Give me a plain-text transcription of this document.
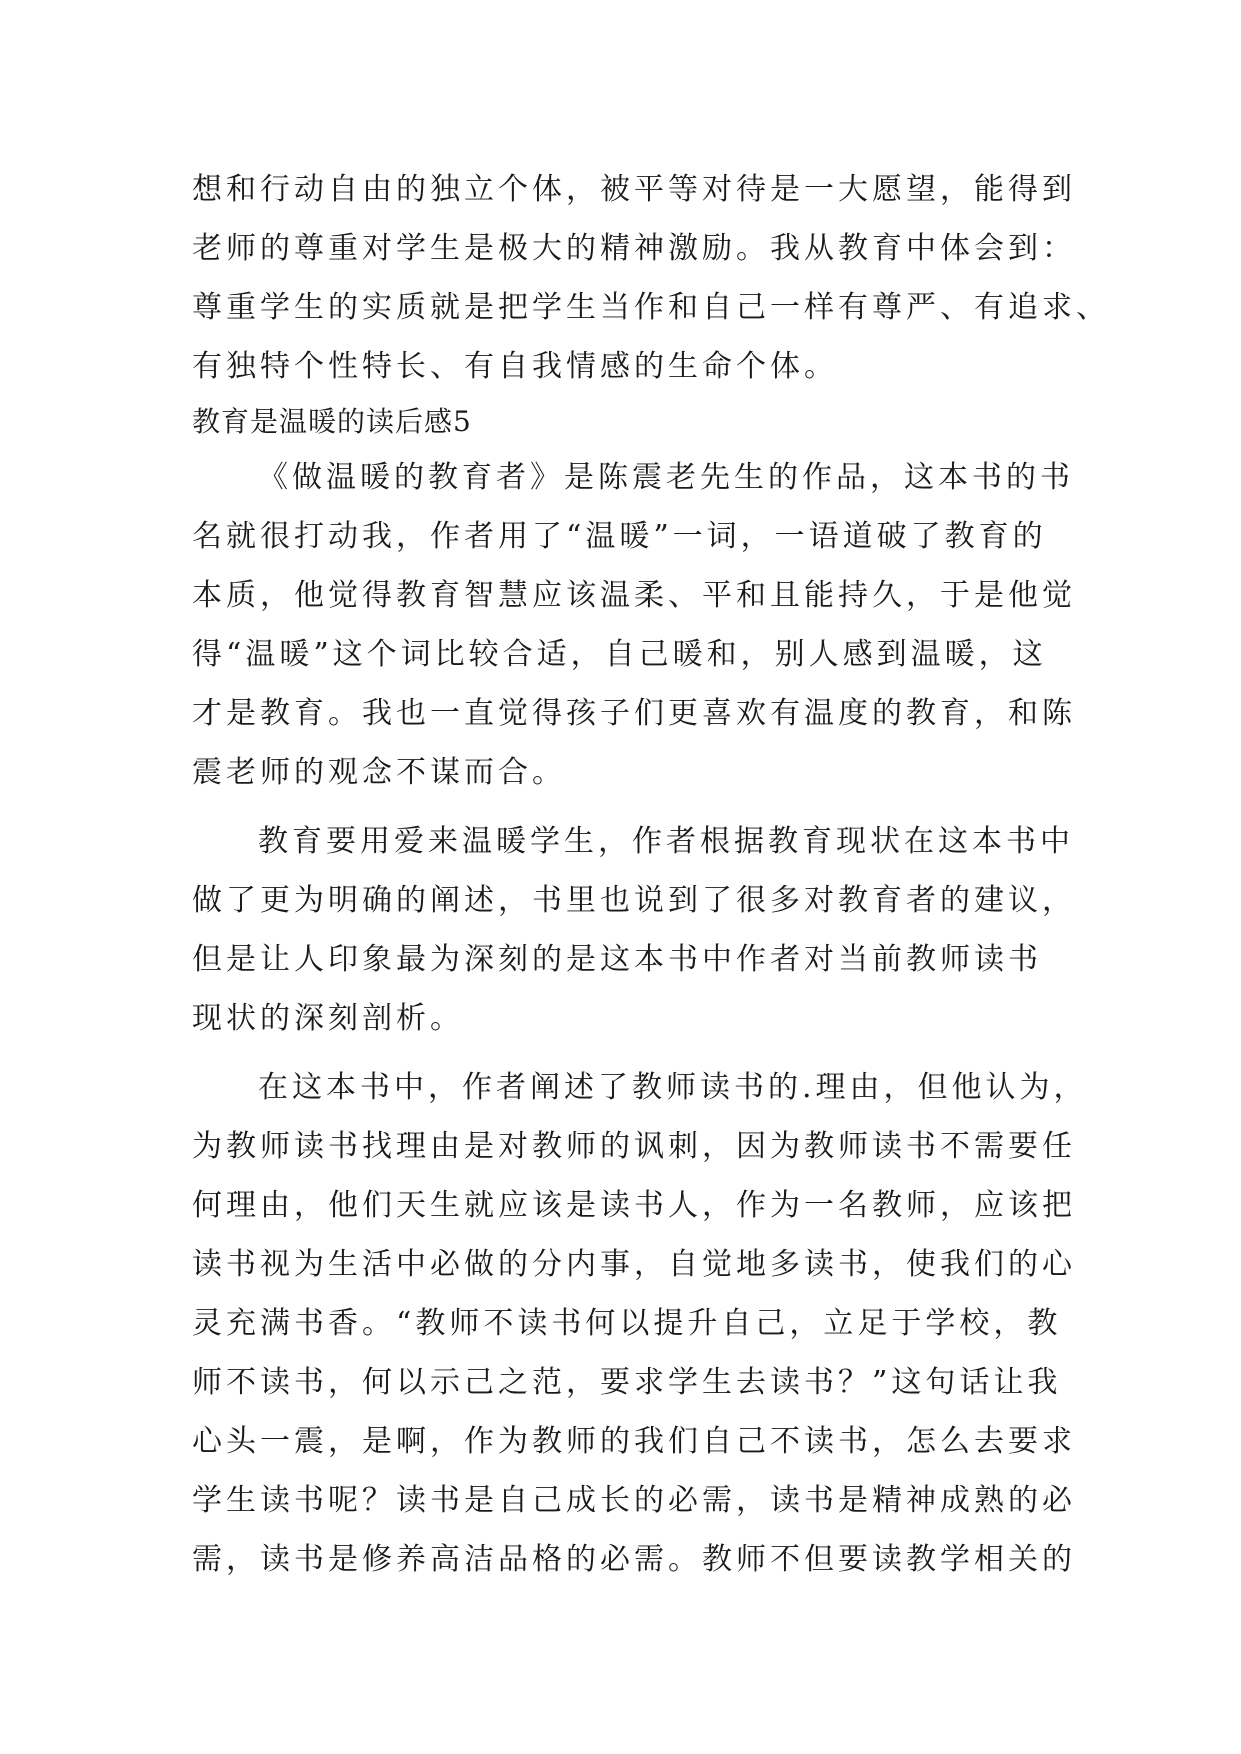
想和行动自由的独立个体，被平等对待是一大愿望，能得到
老师的尊重对学生是极大的精神激励。我从教育中体会到：
尊重学生的实质就是把学生当作和自己一样有尊严、有追求、
有独特个性特长、有自我情感的生命个体。
教育是温暖的读后感5
《做温暖的教育者》是陈震老先生的作品，这本书的书
名就很打动我，作者用了“温暖”一词，一语道破了教育的
本质，他觉得教育智慧应该温柔、平和且能持久，于是他觉
得“温暖”这个词比较合适，自己暖和，别人感到温暖，这
才是教育。我也一直觉得孩子们更喜欢有温度的教育，和陈
震老师的观念不谋而合。
教育要用爱来温暖学生，作者根据教育现状在这本书中
做了更为明确的阐述，书里也说到了很多对教育者的建议，
但是让人印象最为深刻的是这本书中作者对当前教师读书
现状的深刻剖析。
在这本书中，作者阐述了教师读书的.理由，但他认为，
为教师读书找理由是对教师的讽刺，因为教师读书不需要任
何理由，他们天生就应该是读书人，作为一名教师，应该把
读书视为生活中必做的分内事，自觉地多读书，使我们的心
灵充满书香。“教师不读书何以提升自己，立足于学校，教
师不读书，何以示己之范，要求学生去读书？”这句话让我
心头一震，是啊，作为教师的我们自己不读书，怎么去要求
学生读书呢？读书是自己成长的必需，读书是精神成熟的必
需，读书是修养高洁品格的必需。教师不但要读教学相关的
